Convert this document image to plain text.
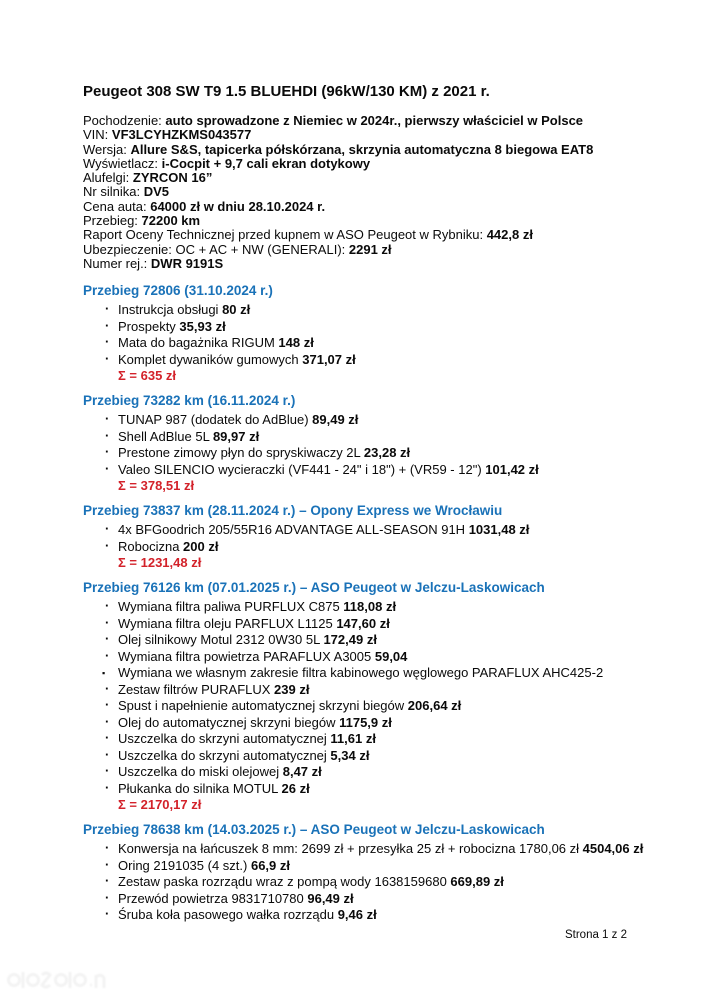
Peugeot 308 SW T9 1.5 BLUEHDI (96kW/130 KM) z 2021 r.
Pochodzenie: auto sprowadzone z Niemiec w 2024r., pierwszy właściciel w Polsce
VIN: VF3LCYHZKMS043577
Wersja: Allure S&S, tapicerka półskórzana, skrzynia automatyczna 8 biegowa EAT8
Wyświetlacz: i-Cocpit + 9,7 cali ekran dotykowy
Alufelgi: ZYRCON 16”
Nr silnika: DV5
Cena auta: 64000 zł w dniu 28.10.2024 r.
Przebieg: 72200 km
Raport Oceny Technicznej przed kupnem w ASO Peugeot w Rybniku: 442,8 zł
Ubezpieczenie: OC + AC + NW (GENERALI): 2291 zł
Numer rej.: DWR 9191S
Przebieg 72806 (31.10.2024 r.)
· Instrukcja obsługi 80 zł
· Prospekty 35,93 zł
· Mata do bagażnika RIGUM 148 zł
· Komplet dywaników gumowych 371,07 zł
Σ = 635 zł
Przebieg 73282 km (16.11.2024 r.)
· TUNAP 987 (dodatek do AdBlue) 89,49 zł
· Shell AdBlue 5L 89,97 zł
· Prestone zimowy płyn do spryskiwaczy 2L 23,28 zł
· Valeo SILENCIO wycieraczki (VF441 - 24" i 18") + (VR59 - 12") 101,42 zł
Σ = 378,51 zł
Przebieg 73837 km (28.11.2024 r.) – Opony Express we Wrocławiu
· 4x BFGoodrich 205/55R16 ADVANTAGE ALL-SEASON 91H 1031,48 zł
· Robocizna 200 zł
Σ = 1231,48 zł
Przebieg 76126 km (07.01.2025 r.) – ASO Peugeot w Jelczu-Laskowicach
· Wymiana filtra paliwa PURFLUX C875 118,08 zł
· Wymiana filtra oleju PARFLUX L1125 147,60 zł
· Olej silnikowy Motul 2312 0W30 5L 172,49 zł
· Wymiana filtra powietrza PARAFLUX A3005 59,04
▪ Wymiana we własnym zakresie filtra kabinowego węglowego PARAFLUX AHC425-2
· Zestaw filtrów PURAFLUX 239 zł
· Spust i napełnienie automatycznej skrzyni biegów 206,64 zł
· Olej do automatycznej skrzyni biegów 1175,9 zł
· Uszczelka do skrzyni automatycznej 11,61 zł
· Uszczelka do skrzyni automatycznej 5,34 zł
· Uszczelka do miski olejowej 8,47 zł
· Płukanka do silnika MOTUL 26 zł
Σ = 2170,17 zł
Przebieg 78638 km (14.03.2025 r.) – ASO Peugeot w Jelczu-Laskowicach
· Konwersja na łańcuszek 8 mm: 2699 zł + przesyłka 25 zł + robocizna 1780,06 zł 4504,06 zł
· Oring 2191035 (4 szt.) 66,9 zł
· Zestaw paska rozrządu wraz z pompą wody 1638159680 669,89 zł
· Przewód powietrza 9831710780 96,49 zł
· Śruba koła pasowego wałka rozrządu 9,46 zł
Strona 1 z 2
